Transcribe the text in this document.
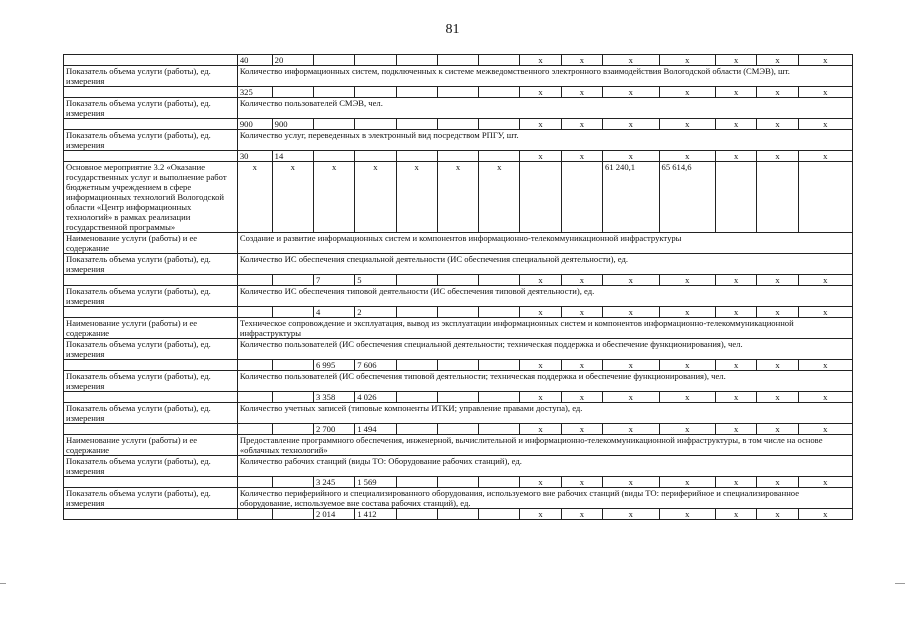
81
	40	20						x	x	x	x	x	x	x
Показатель объема услуги (работы), ед. измерения	Количество информационных систем, подключенных к системе межведомственного электронного взаимодействия Вологодской области (СМЭВ), шт.													
	325							x	x	x	x	x	x	x
Показатель объема услуги (работы), ед. измерения	Количество пользователей СМЭВ, чел.													
	900	900						x	x	x	x	x	x	x
Показатель объема услуги (работы), ед. измерения	Количество услуг, переведенных в электронный вид посредством РПГУ, шт.													
	30	14						x	x	x	x	x	x	x
Основное мероприятие 3.2 «Оказание государственных услуг и выполнение работ бюджетным учреждением в сфере информационных технологий Вологодской области «Центр информационных технологий» в рамках реализации государственной программы»	x	x	x	x	x	x	x			61 240,1	65 614,6			
Наименование услуги (работы) и ее содержание	Создание и развитие информационных систем и компонентов информационно-телекоммуникационной инфраструктуры													
Показатель объема услуги (работы), ед. измерения	Количество ИС обеспечения специальной деятельности (ИС обеспечения специальной деятельности), ед.													
			7	5				x	x	x	x	x	x	x
Показатель объема услуги (работы), ед. измерения	Количество ИС обеспечения типовой деятельности (ИС обеспечения типовой деятельности), ед.													
			4	2				x	x	x	x	x	x	x
Наименование услуги (работы) и ее содержание	Техническое сопровождение и эксплуатация, вывод из эксплуатации информационных систем и компонентов информационно-телекоммуникационной инфраструктуры													
Показатель объема услуги (работы), ед. измерения	Количество пользователей (ИС обеспечения специальной деятельности; техническая поддержка и обеспечение функционирования), чел.													
			6 995	7 606				x	x	x	x	x	x	x
Показатель объема услуги (работы), ед. измерения	Количество пользователей (ИС обеспечения типовой деятельности; техническая поддержка и обеспечение функционирования), чел.													
			3 358	4 026				x	x	x	x	x	x	x
Показатель объема услуги (работы), ед. измерения	Количество учетных записей (типовые компоненты ИТКИ; управление правами доступа), ед.													
			2 700	1 494				x	x	x	x	x	x	x
Наименование услуги (работы) и ее содержание	Предоставление программного обеспечения, инженерной, вычислительной и информационно-телекоммуникационной инфраструктуры, в том числе на основе «облачных технологий»													
Показатель объема услуги (работы), ед. измерения	Количество рабочих станций (виды ТО: Оборудование рабочих станций), ед.													
			3 245	1 569				x	x	x	x	x	x	x
Показатель объема услуги (работы), ед. измерения	Количество периферийного и специализированного оборудования, используемого вне рабочих станций (виды ТО: периферийное и специализированное оборудование, используемое вне состава рабочих станций), ед.													
			2 014	1 412				x	x	x	x	x	x	x
